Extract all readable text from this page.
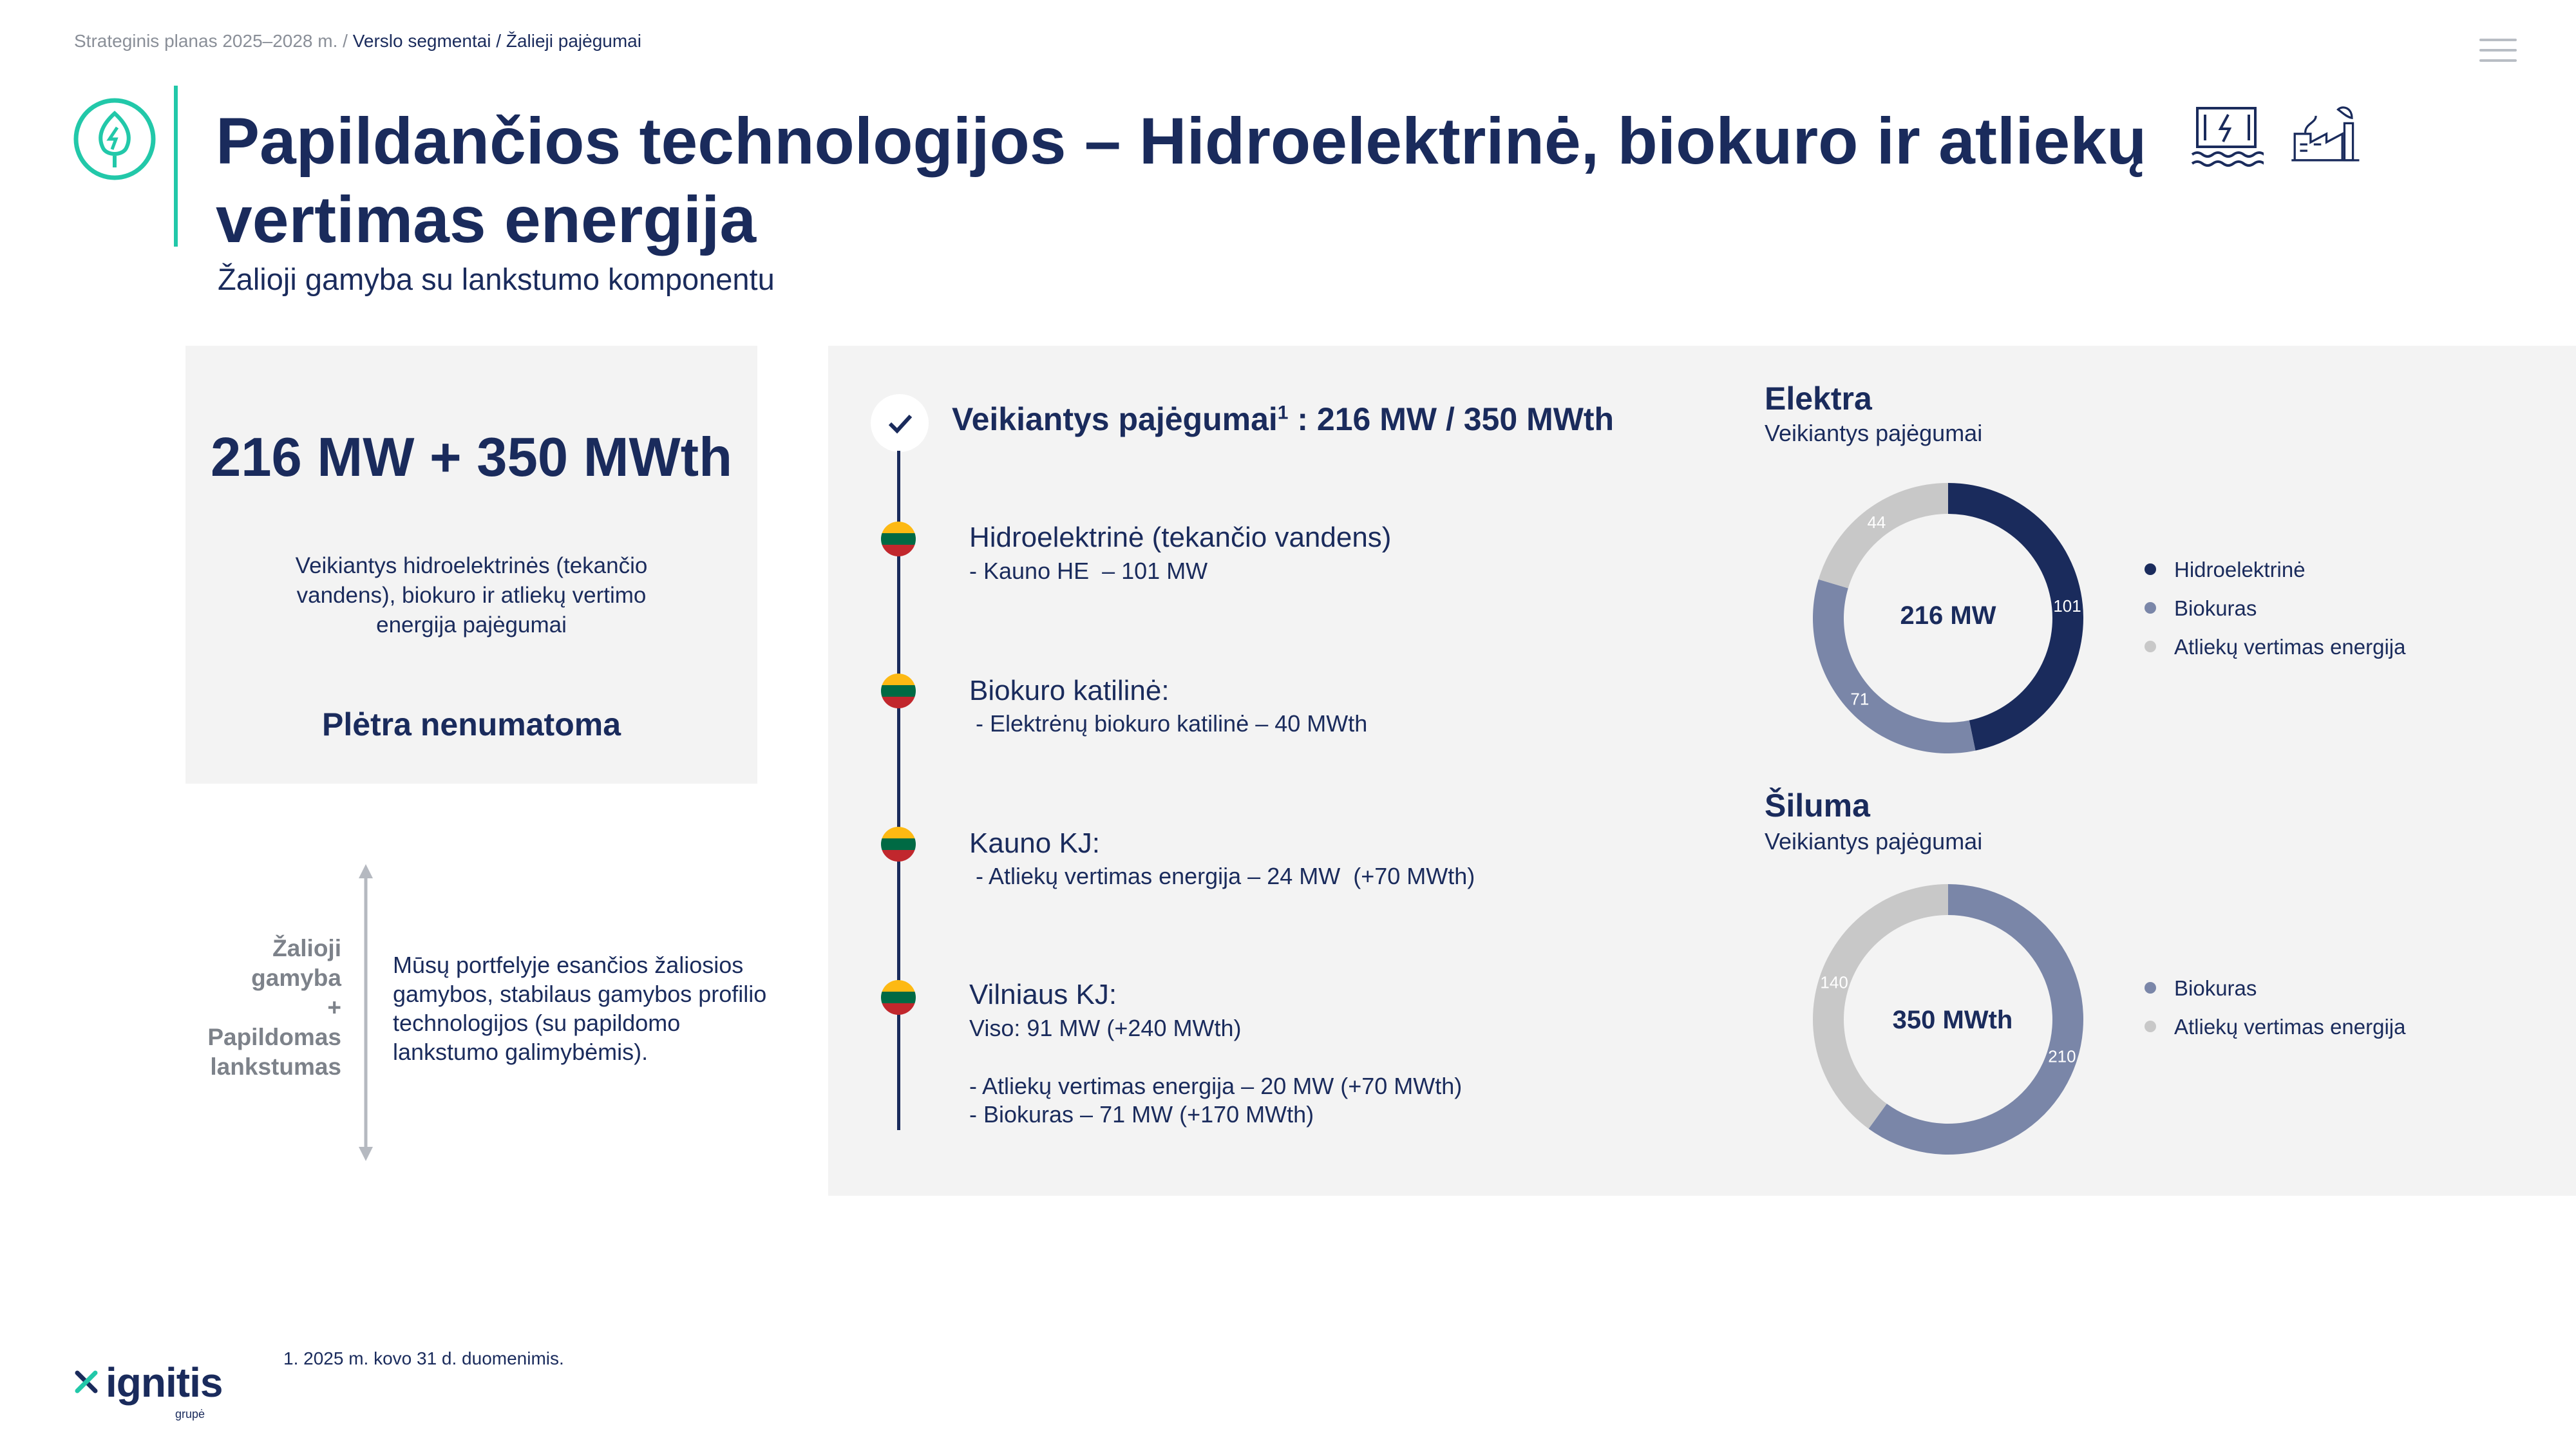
Strateginis planas 2025–2028 m. / Verslo segmentai / Žalieji pajėgumai
Papildančios technologijos – Hidroelektrinė, biokuro ir atliekų vertimas energija
Žalioji gamyba su lankstumo komponentu
216 MW + 350 MWth
Veikiantys hidroelektrinės (tekančio vandens), biokuro ir atliekų vertimo energija pajėgumai
Plėtra nenumatoma
Žalioji
gamyba
+
Papildomas
lankstumas
Mūsų portfelyje esančios žaliosios gamybos, stabilaus gamybos profilio technologijos (su papildomo lankstumo galimybėmis).
Veikiantys pajėgumai$^1$ : 216 MW / 350 MWth
Hidroelektrinė (tekančio vandens)
- Kauno HE  – 101 MW
Biokuro katilinė:
- Elektrėnų biokuro katilinė – 40 MWth
Kauno KJ:
- Atliekų vertimas energija – 24 MW  (+70 MWth)
Vilniaus KJ:
Viso: 91 MW (+240 MWth)
- Atliekų vertimas energija – 20 MW (+70 MWth)
- Biokuras – 71 MW (+170 MWth)
Elektra
Veikiantys pajėgumai
101
71
44
216 MW
Hidroelektrinė
Biokuras
Atliekų vertimas energija
Šiluma
Veikiantys pajėgumai
210
140
350 MWth
Biokuras
Atliekų vertimas energija
1. 2025 m. kovo 31 d. duomenimis.
ignitis
grupė
